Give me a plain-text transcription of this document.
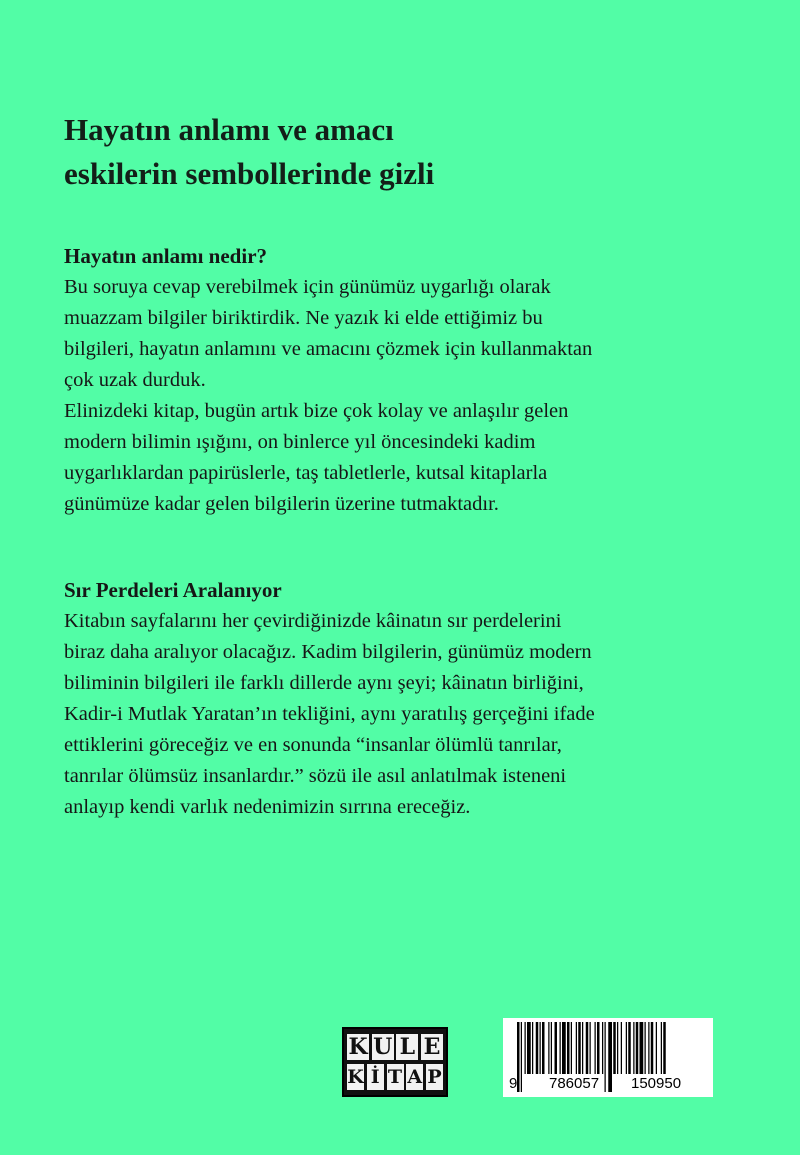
Hayatın anlamı ve amacı
eskilerin sembollerinde gizli
Hayatın anlamı nedir?

Bu soruya cevap verebilmek için günümüz uygarlığı olarak
muazzam bilgiler biriktirdik. Ne yazık ki elde ettiğimiz bu
bilgileri, hayatın anlamını ve amacını çözmek için kullanmaktan
çok uzak durduk.
Elinizdeki kitap, bugün artık bize çok kolay ve anlaşılır gelen
modern bilimin ışığını, on binlerce yıl öncesindeki kadim
uygarlıklardan papirüslerle, taş tabletlerle, kutsal kitaplarla
günümüze kadar gelen bilgilerin üzerine tutmaktadır.

Sır Perdeleri Aralanıyor

Kitabın sayfalarını her çevirdiğinizde kâinatın sır perdelerini
biraz daha aralıyor olacağız. Kadim bilgilerin, günümüz modern
biliminin bilgileri ile farklı dillerde aynı şeyi; kâinatın birliğini,
Kadir-i Mutlak Yaratan’ın tekliğini, aynı yaratılış gerçeğini ifade
ettiklerini göreceğiz ve en sonunda “insanlar ölümlü tanrılar,
tanrılar ölümsüz insanlardır.” sözü ile asıl anlatılmak isteneni
anlayıp kendi varlık nedenimizin sırrına ereceğiz.

K U L E
K İ T A P	9 786057 150950
